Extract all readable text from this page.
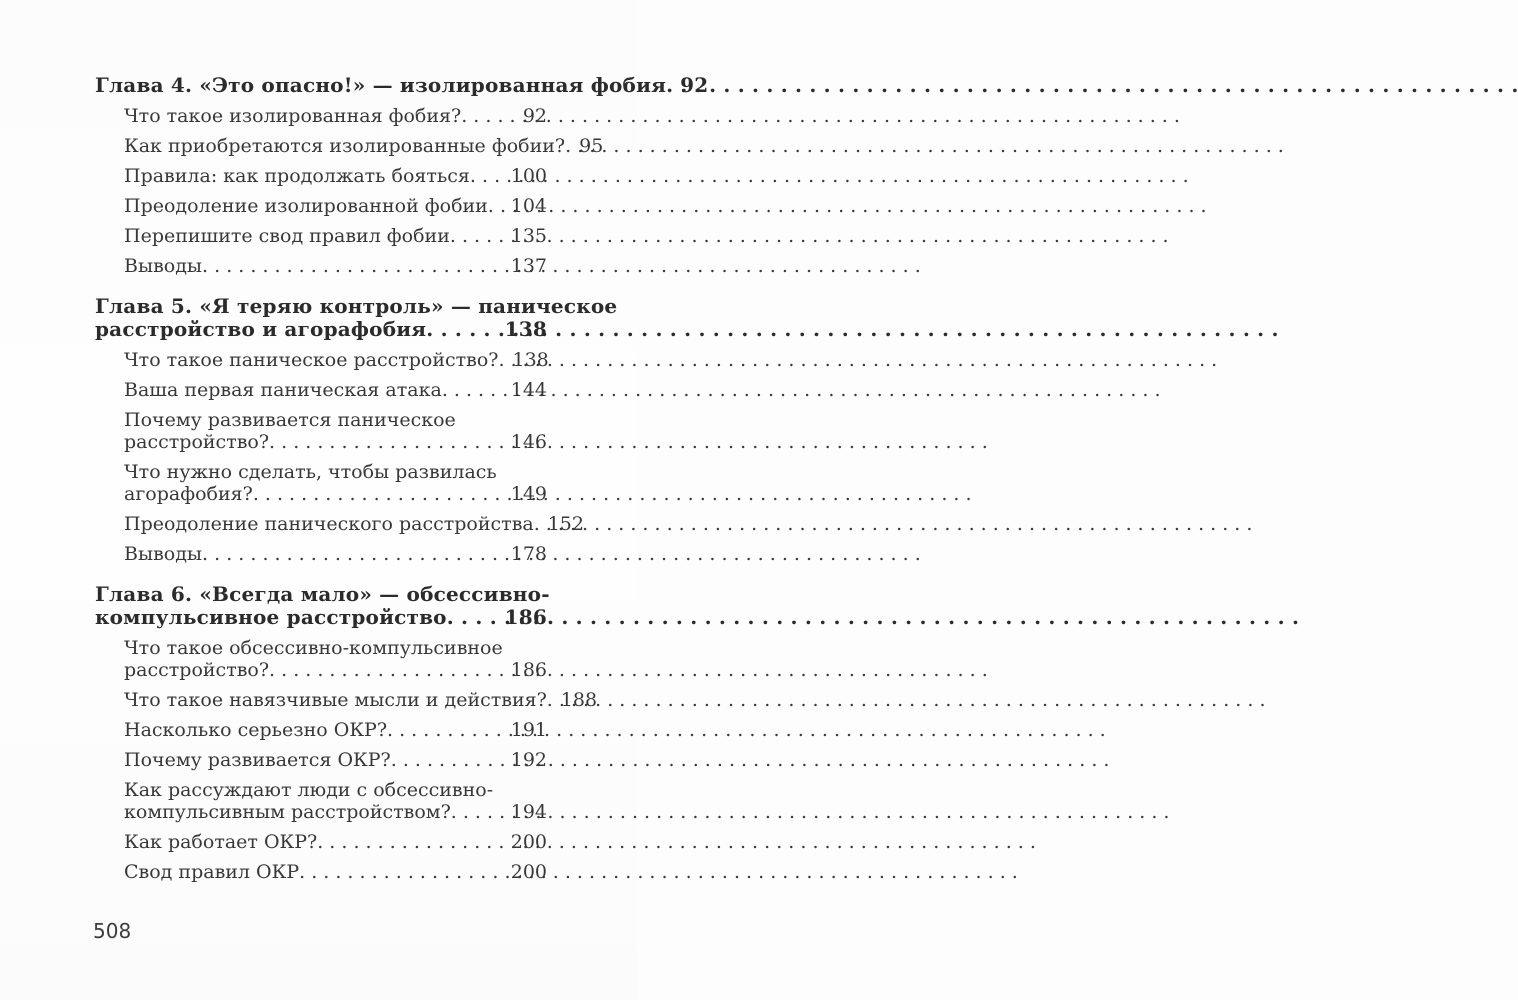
Глава 4. «Это опасно!» — изолированная фобия . . . 92
Что такое изолированная фобия? . . .	92
Как приобретаются изолированные фобии? . . . 95
Правила: как продолжать бояться . . . 100
Преодоление изолированной фобии . . . 104
Перепишите свод правил фобии . . .	135
Выводы . . .	137
Глава 5. «Я теряю контроль» — паническое
расстройство и агорафобия . . .	138
Что такое паническое расстройство? . . . 138
Ваша первая паническая атака . . .	144
Почему развивается паническое
расстройство? . . .	146
Что нужно сделать, чтобы развилась
агорафобия? . . .	149
Преодоление панического расстройства . . . 152
Выводы . . .	178
Глава 6. «Всегда мало» — обсессивно-
компульсивное расстройство . . .	186
Что такое обсессивно-компульсивное
расстройство? . . .	186
Что такое навязчивые мысли и действия? . . . 188
Насколько серьезно ОКР? . . .	191
Почему развивается ОКР? . . .	192
Как рассуждают люди с обсессивно-
компульсивным расстройством? . . .	194
Как работает ОКР? . . .	200
Свод правил ОКР . . .	200
508
